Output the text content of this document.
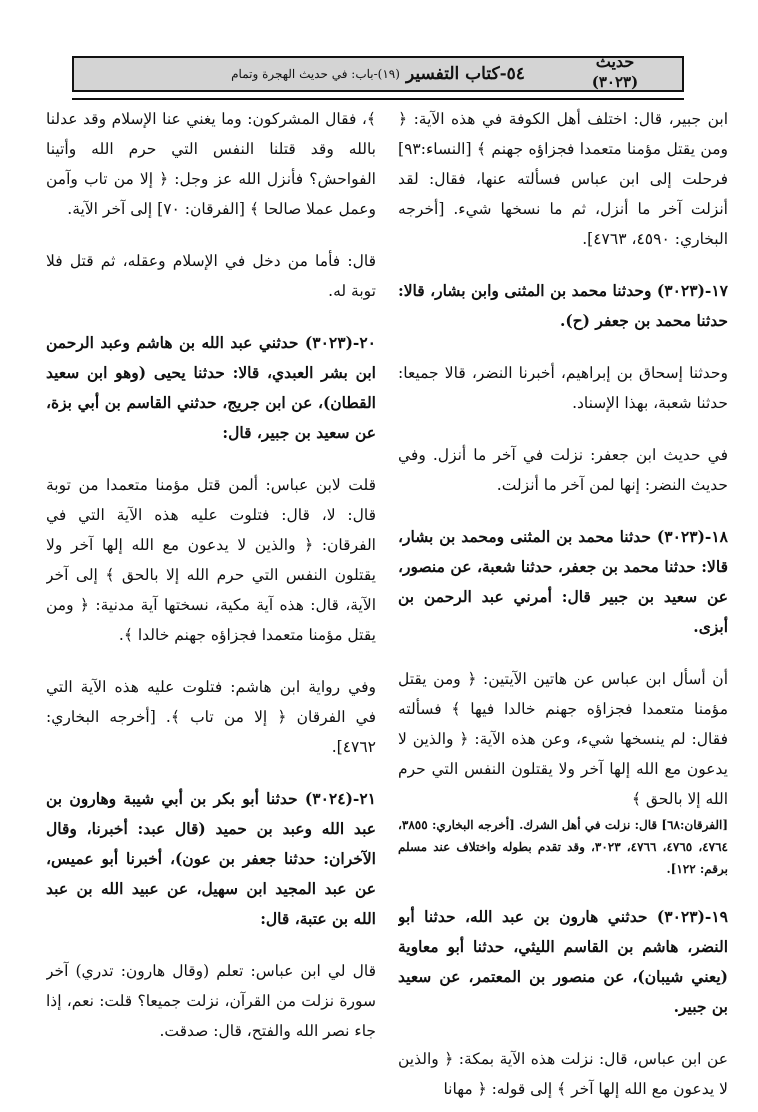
٥٤-كتاب التفسير
(١٩)-باب: في حديث الهجرة وتمام
حديث
(٣٠٢٣)

ابن جبير، قال: اختلف أهل الكوفة في هذه الآية: ﴿ ومن يقتل مؤمنا متعمدا فجزاؤه جهنم ﴾ [النساء:٩٣] فرحلت إلى ابن عباس فسألته عنها، فقال: لقد أنزلت آخر ما أنزل، ثم ما نسخها شيء. [أخرجه البخاري: ٤٥٩٠، ٤٧٦٣].

١٧-(٣٠٢٣) وحدثنا محمد بن المثنى وابن بشار، قالا: حدثنا محمد بن جعفر (ح).

وحدثنا إسحاق بن إبراهيم، أخبرنا النضر، قالا جميعا: حدثنا شعبة، بهذا الإسناد.

في حديث ابن جعفر: نزلت في آخر ما أنزل. وفي حديث النضر: إنها لمن آخر ما أنزلت.

١٨-(٣٠٢٣) حدثنا محمد بن المثنى ومحمد بن بشار، قالا: حدثنا محمد بن جعفر، حدثنا شعبة، عن منصور، عن سعيد بن جبير قال: أمرني عبد الرحمن بن أبزى.

أن أسأل ابن عباس عن هاتين الآيتين: ﴿ ومن يقتل مؤمنا متعمدا فجزاؤه جهنم خالدا فيها ﴾ فسألته فقال: لم ينسخها شيء، وعن هذه الآية: ﴿ والذين لا يدعون مع الله إلها آخر ولا يقتلون النفس التي حرم الله إلا بالحق ﴾

[الفرقان:٦٨] قال: نزلت في أهل الشرك. [أخرجه البخاري: ٣٨٥٥، ٤٧٦٤، ٤٧٦٥، ٤٧٦٦، ٣٠٢٣، وقد تقدم بطوله واختلاف عند مسلم برقم: ١٢٢].

١٩-(٣٠٢٣) حدثني هارون بن عبد الله، حدثنا أبو النضر، هاشم بن القاسم الليثي، حدثنا أبو معاوية (يعني شيبان)، عن منصور بن المعتمر، عن سعيد بن جبير.

عن ابن عباس، قال: نزلت هذه الآية بمكة: ﴿ والذين لا يدعون مع الله إلها آخر ﴾ إلى قوله: ﴿ مهانا

﴾، فقال المشركون: وما يغني عنا الإسلام وقد عدلنا بالله وقد قتلنا النفس التي حرم الله وأتينا الفواحش؟ فأنزل الله عز وجل: ﴿ إلا من تاب وآمن وعمل عملا صالحا ﴾ [الفرقان: ٧٠] إلى آخر الآية.

قال: فأما من دخل في الإسلام وعقله، ثم قتل فلا توبة له.

٢٠-(٣٠٢٣) حدثني عبد الله بن هاشم وعبد الرحمن ابن بشر العبدي، قالا: حدثنا يحيى (وهو ابن سعيد القطان)، عن ابن جريج، حدثني القاسم بن أبي بزة، عن سعيد بن جبير، قال:

قلت لابن عباس: ألمن قتل مؤمنا متعمدا من توبة قال: لا، قال: فتلوت عليه هذه الآية التي في الفرقان: ﴿ والذين لا يدعون مع الله إلها آخر ولا يقتلون النفس التي حرم الله إلا بالحق ﴾ إلى آخر الآية، قال: هذه آية مكية، نسختها آية مدنية: ﴿ ومن يقتل مؤمنا متعمدا فجزاؤه جهنم خالدا ﴾.

وفي رواية ابن هاشم: فتلوت عليه هذه الآية التي في الفرقان ﴿ إلا من تاب ﴾. [أخرجه البخاري: ٤٧٦٢].

٢١-(٣٠٢٤) حدثنا أبو بكر بن أبي شيبة وهارون بن عبد الله وعبد بن حميد (قال عبد: أخبرنا، وقال الآخران: حدثنا جعفر بن عون)، أخبرنا أبو عميس، عن عبد المجيد ابن سهيل، عن عبيد الله بن عبد الله بن عتبة، قال:

قال لي ابن عباس: تعلم (وقال هارون: تدري) آخر سورة نزلت من القرآن، نزلت جميعا؟ قلت: نعم، إذا جاء نصر الله والفتح، قال: صدقت.
